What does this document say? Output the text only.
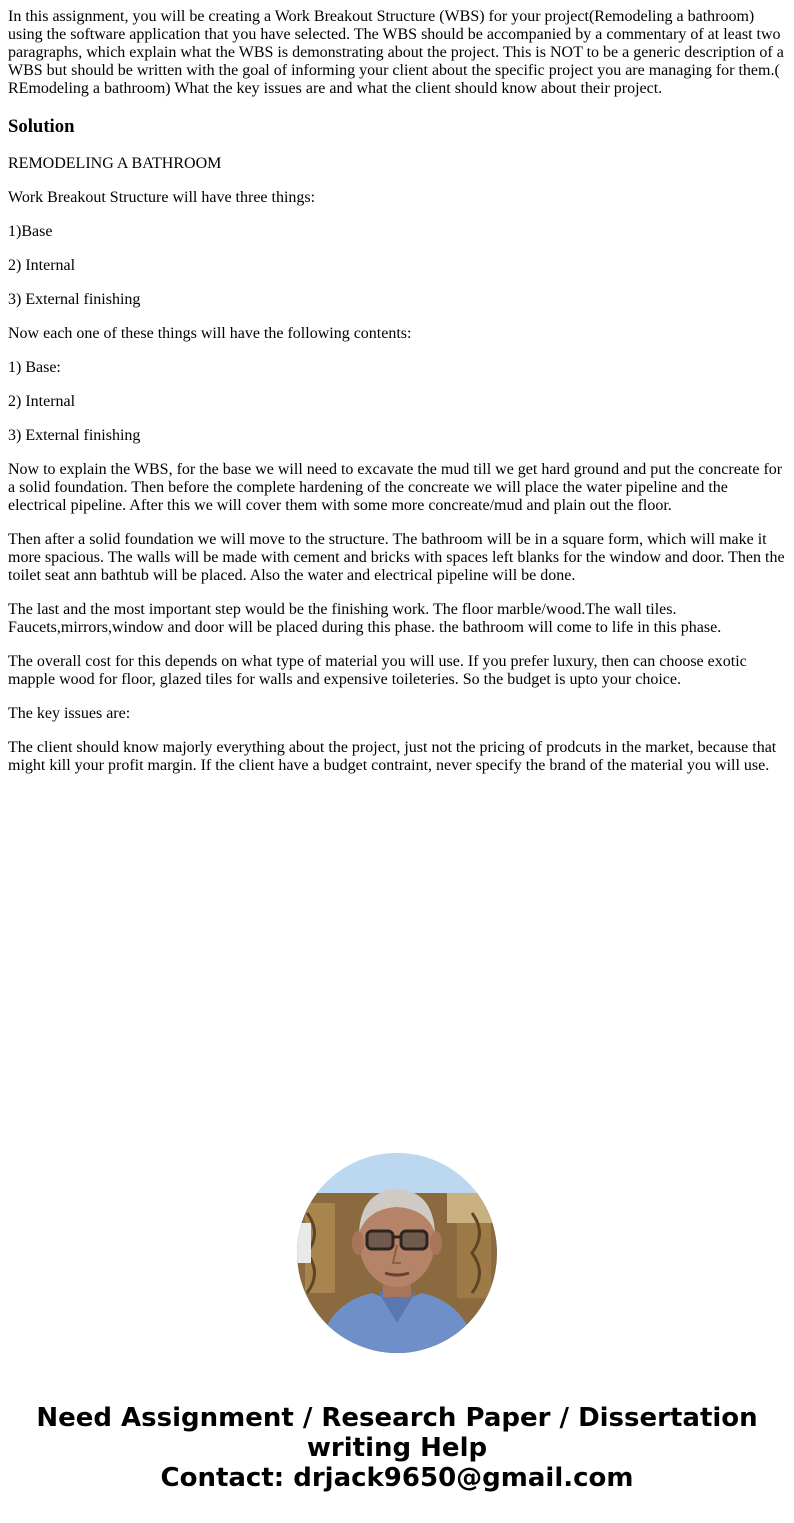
In this assignment, you will be creating a Work Breakout Structure (WBS) for your project(Remodeling a bathroom) using the software application that you have selected. The WBS should be accompanied by a commentary of at least two paragraphs, which explain what the WBS is demonstrating about the project. This is NOT to be a generic description of a WBS but should be written with the goal of informing your client about the specific project you are managing for them.( REmodeling a bathroom) What the key issues are and what the client should know about their project.

Solution

REMODELING A BATHROOM

Work Breakout Structure will have three things:

1)Base

2) Internal

3) External finishing

Now each one of these things will have the following contents:

1) Base:

2) Internal

3) External finishing

Now to explain the WBS, for the base we will need to excavate the mud till we get hard ground and put the concreate for a solid foundation. Then before the complete hardening of the concreate we will place the water pipeline and the electrical pipeline. After this we will cover them with some more concreate/mud and plain out the floor.

Then after a solid foundation we will move to the structure. The bathroom will be in a square form, which will make it more spacious. The walls will be made with cement and bricks with spaces left blanks for the window and door. Then the toilet seat ann bathtub will be placed. Also the water and electrical pipeline will be done.

The last and the most important step would be the finishing work. The floor marble/wood.The wall tiles. Faucets,mirrors,window and door will be placed during this phase. the bathroom will come to life in this phase.

The overall cost for this depends on what type of material you will use. If you prefer luxury, then can choose exotic mapple wood for floor, glazed tiles for walls and expensive toileteries. So the budget is upto your choice.

The key issues are:

The client should know majorly everything about the project, just not the pricing of prodcuts in the market, because that might kill your profit margin. If the client have a budget contraint, never specify the brand of the material you will use.

Need Assignment / Research Paper / Dissertation
writing Help
Contact: drjack9650@gmail.com
